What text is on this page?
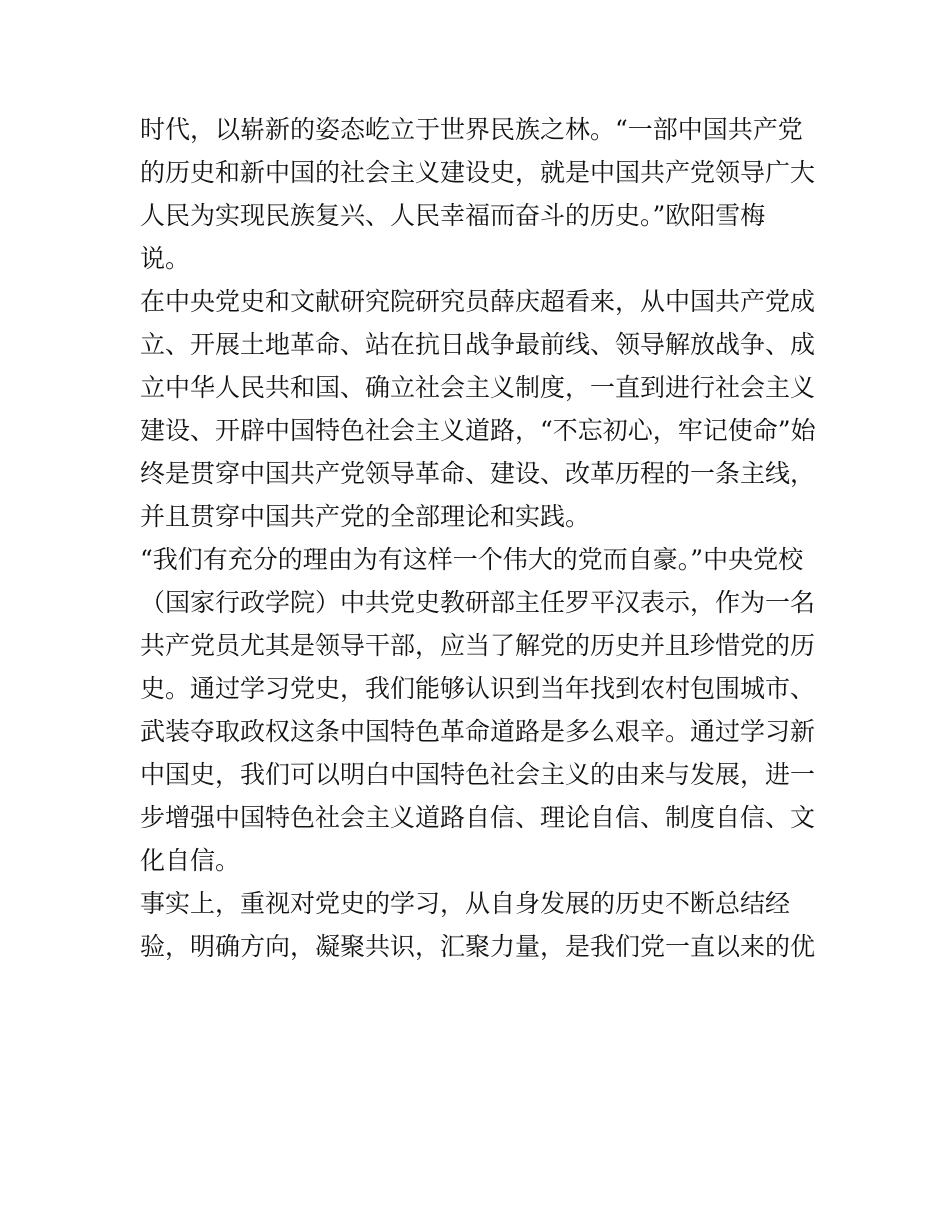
时代，以崭新的姿态屹立于世界民族之林。“一部中国共产党
的历史和新中国的社会主义建设史，就是中国共产党领导广大
人民为实现民族复兴、人民幸福而奋斗的历史。”欧阳雪梅
说。
在中央党史和文献研究院研究员薛庆超看来，从中国共产党成
立、开展土地革命、站在抗日战争最前线、领导解放战争、成
立中华人民共和国、确立社会主义制度，一直到进行社会主义
建设、开辟中国特色社会主义道路，“不忘初心，牢记使命”始
终是贯穿中国共产党领导革命、建设、改革历程的一条主线，
并且贯穿中国共产党的全部理论和实践。
“我们有充分的理由为有这样一个伟大的党而自豪。”中央党校
（国家行政学院）中共党史教研部主任罗平汉表示，作为一名
共产党员尤其是领导干部，应当了解党的历史并且珍惜党的历
史。通过学习党史，我们能够认识到当年找到农村包围城市、
武装夺取政权这条中国特色革命道路是多么艰辛。通过学习新
中国史，我们可以明白中国特色社会主义的由来与发展，进一
步增强中国特色社会主义道路自信、理论自信、制度自信、文
化自信。
事实上，重视对党史的学习，从自身发展的历史不断总结经
验，明确方向，凝聚共识，汇聚力量，是我们党一直以来的优
